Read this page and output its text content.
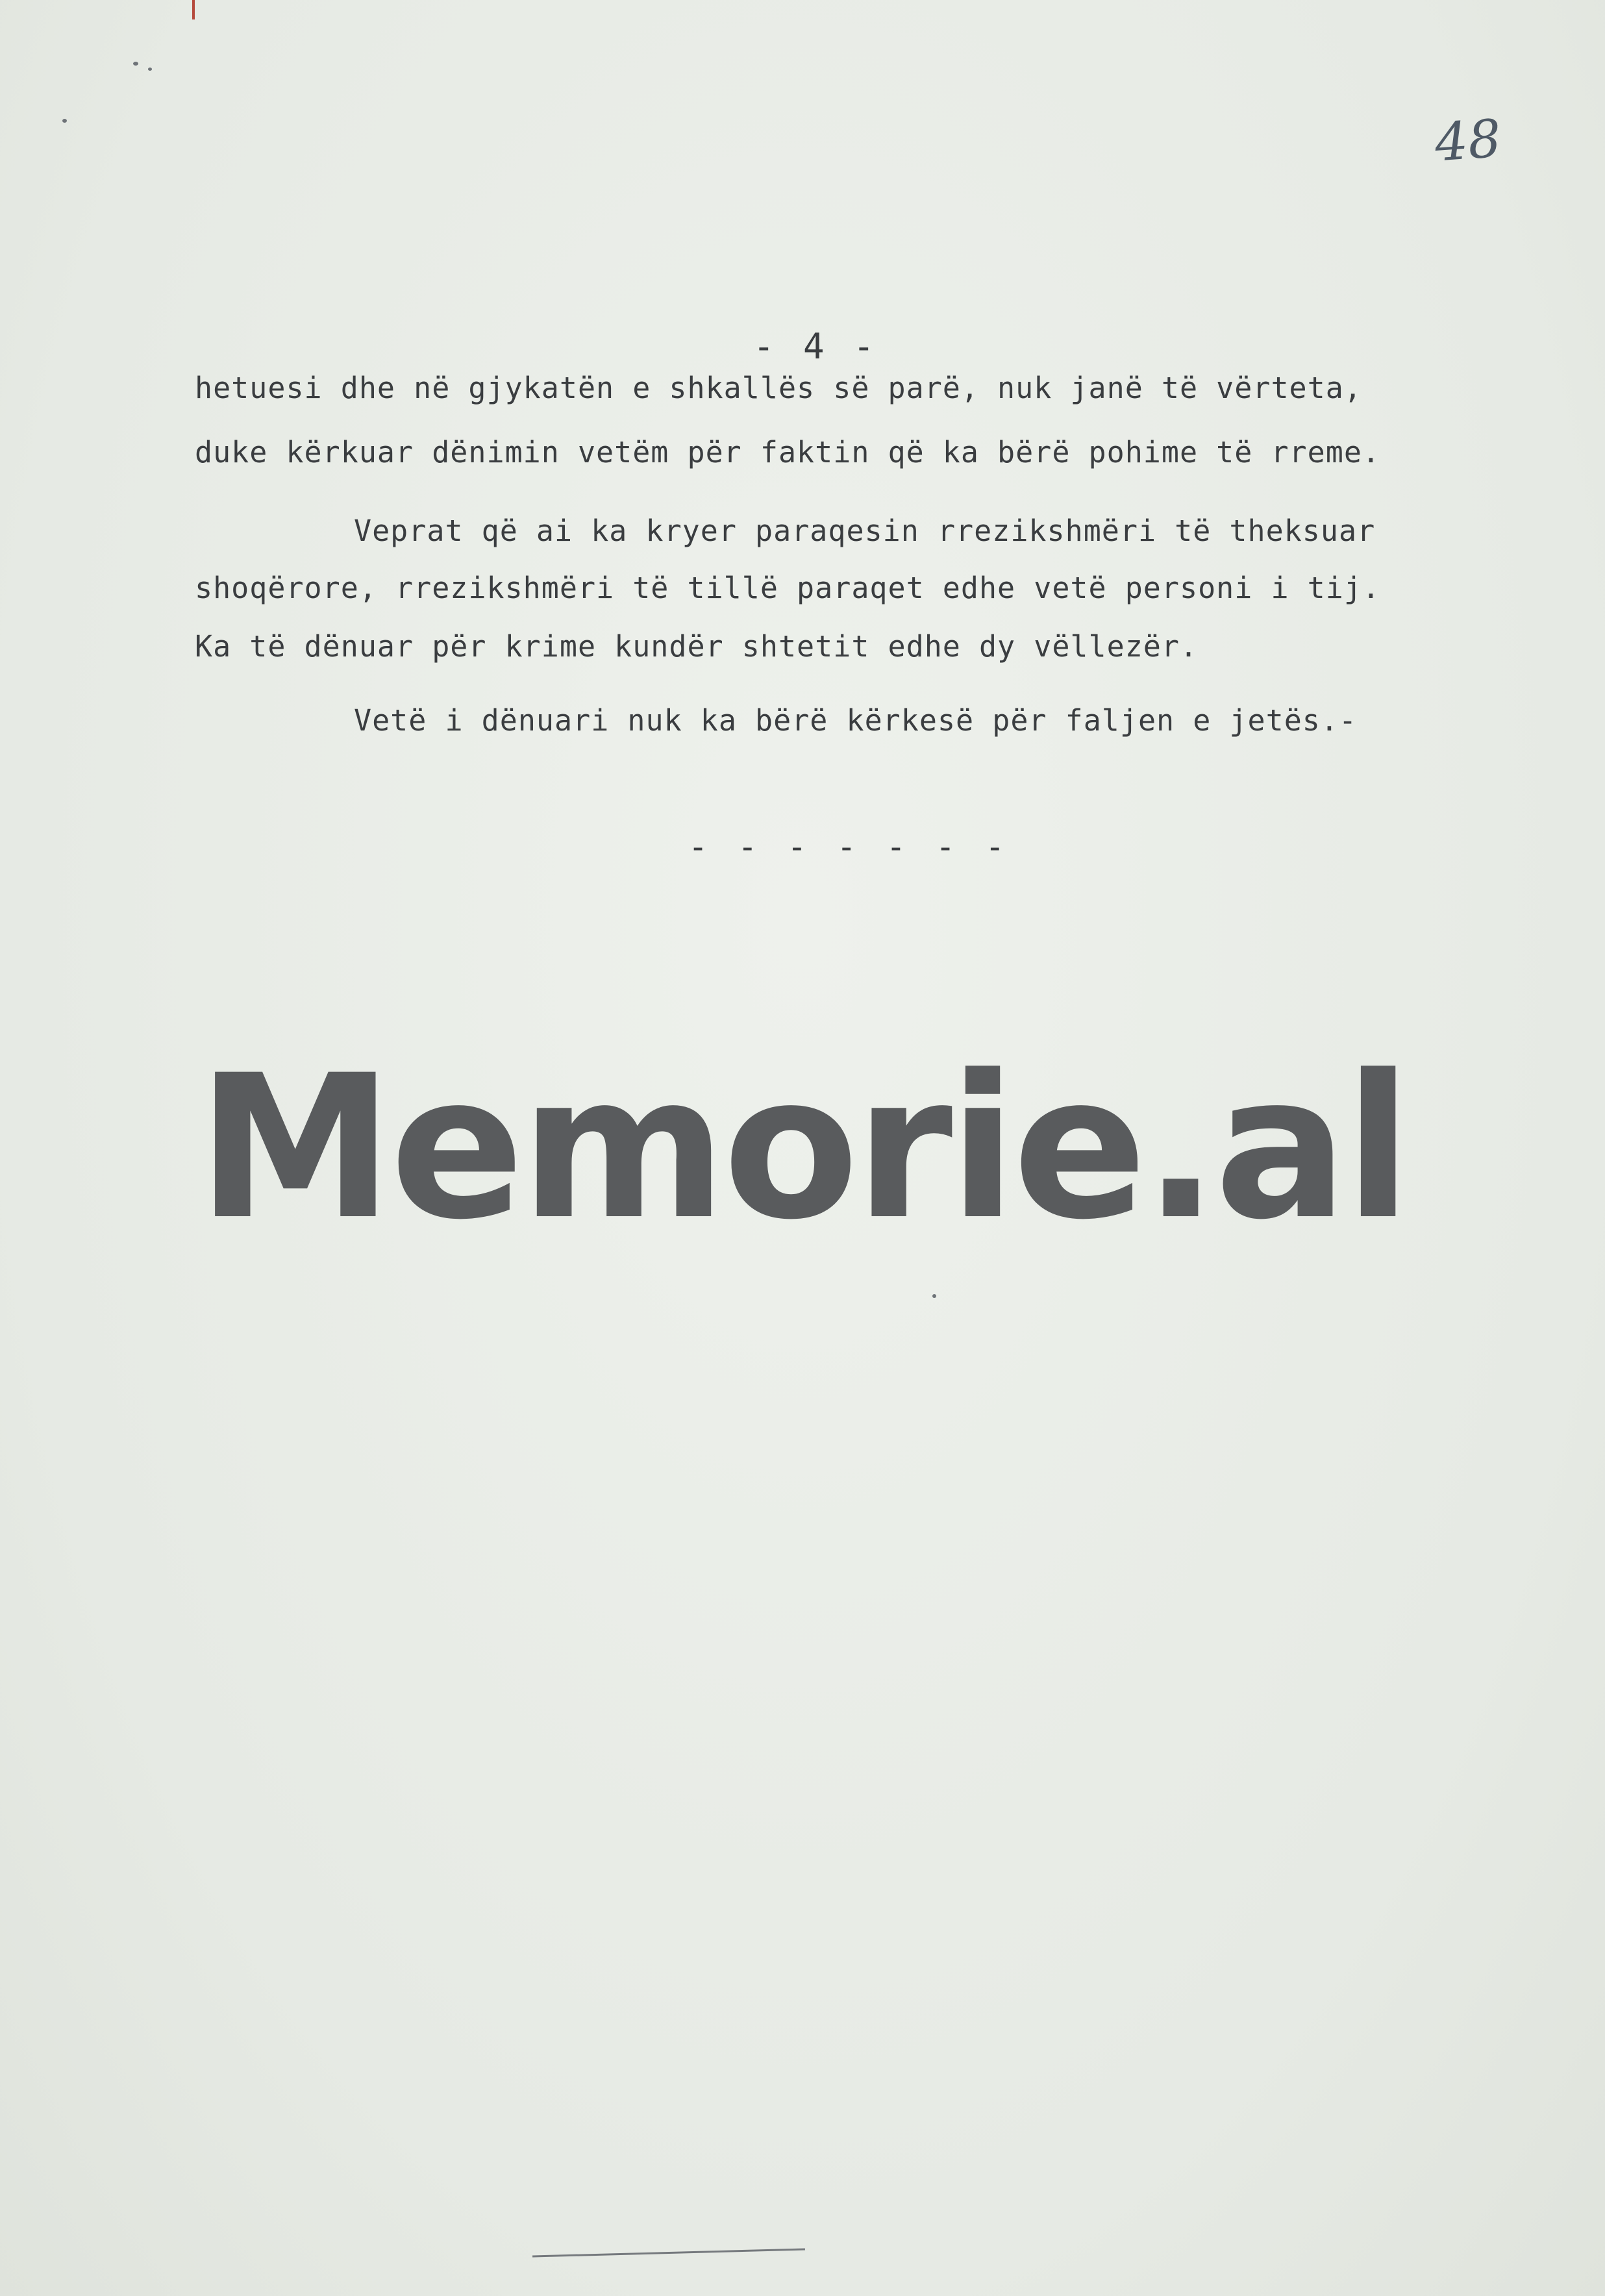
48
- 4 -
hetuesi dhe në gjykatën e shkallës së parë, nuk janë të vërteta,
duke kërkuar dënimin vetëm për faktin që ka bërë pohime të rreme.
Veprat që ai ka kryer paraqesin rrezikshmëri të theksuar
shoqërore, rrezikshmëri të tillë paraqet edhe vetë personi i tij.
Ka të dënuar për krime kundër shtetit edhe dy vëllezër.
Vetë i dënuari nuk ka bërë kërkesë për faljen e jetës.-
- - - - - - -
Memorie.al
